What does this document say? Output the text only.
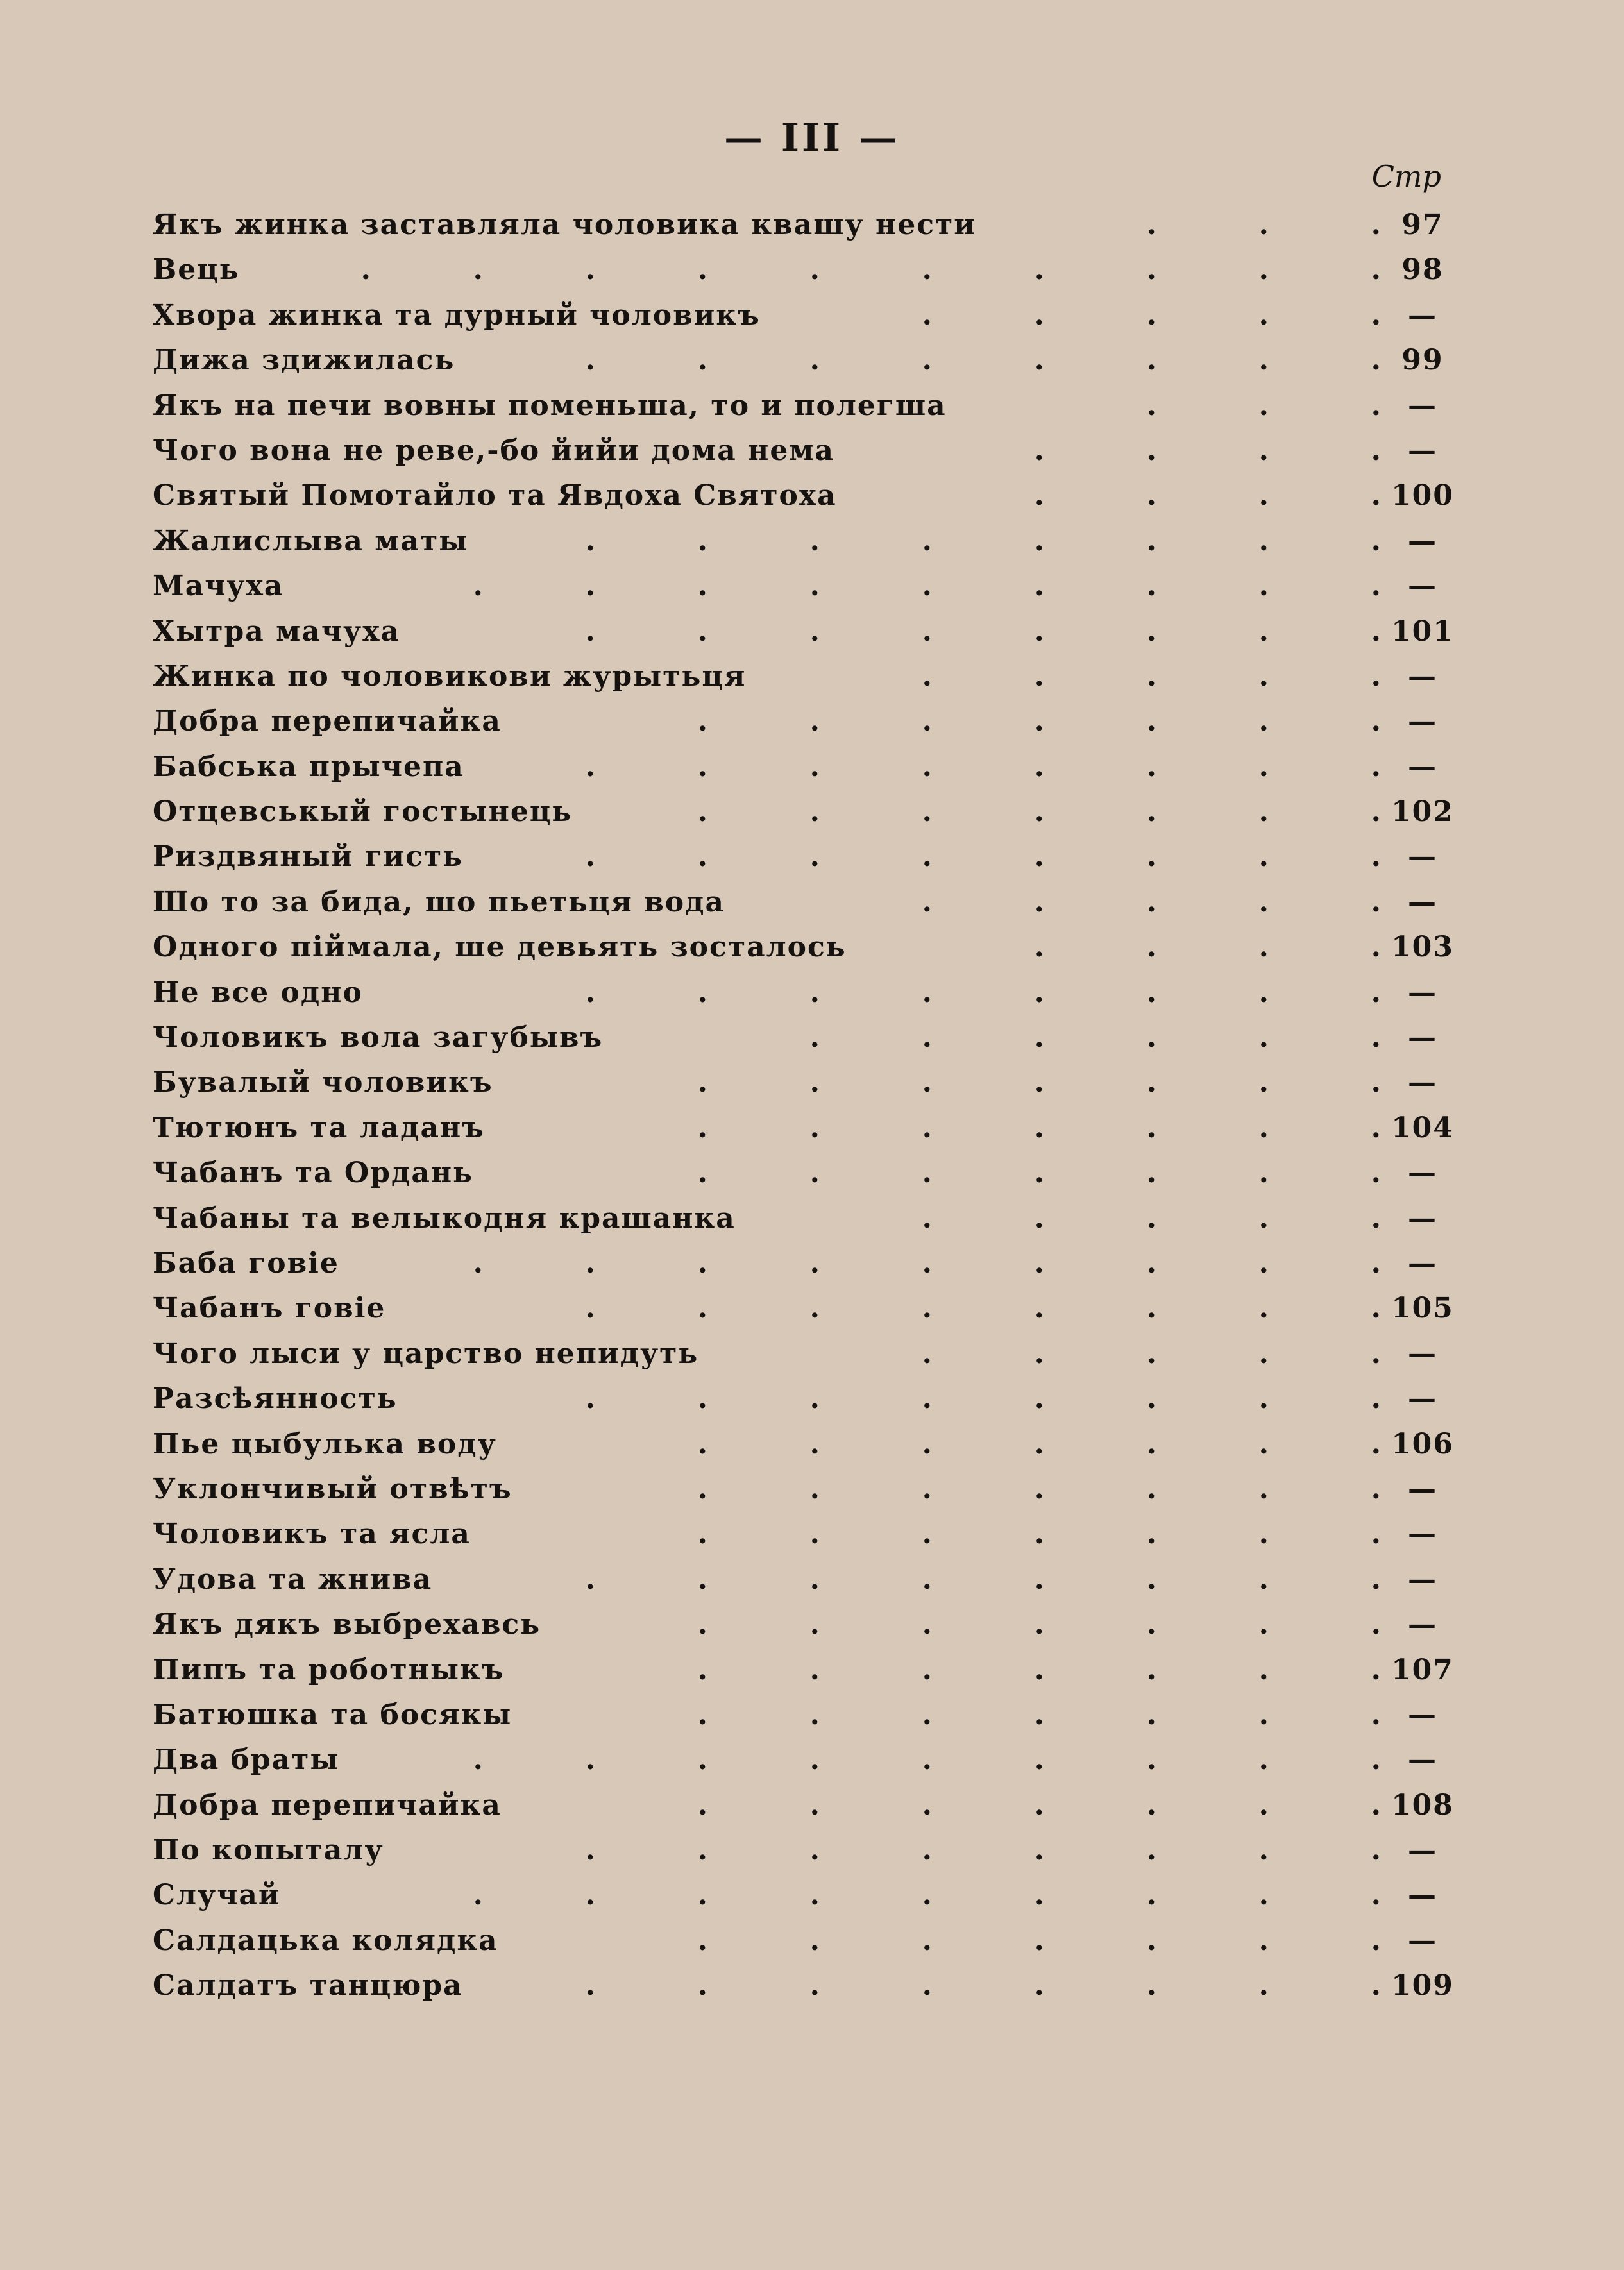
— III —
Стр
Якъ жинка заставляла чоловика квашу нести	.	.	. 97
Вець	.	.	.	.	.	.	.	.	.	. 98
Хвора жинка та дурный чоловикъ	.	.	.	.	. —
Дижа здижилась	.	.	.	.	.	.	.	. 99
Якъ на печи вовны поменьша, то и полегша	.	.	. —
Чого вона не реве,-бо йийи дома нема	.	.	.	. —
Святый Помотайло та Явдоха Святоха	.	.	.	. 100
Жалислыва маты	.	.	.	.	.	.	.	. —
Мачуха	.	.	.	.	.	.	.	.	. —
Хытра мачуха	.	.	.	.	.	.	.	. 101
Жинка по чоловикови журытьця	.	.	.	.	. —
Добра перепичайка	.	.	.	.	.	.	. —
Бабська прычепа	.	.	.	.	.	.	.	. —
Отцевськый гостынець	.	.	.	.	.	.	. 102
Риздвяный гисть	.	.	.	.	.	.	.	. —
Шо то за бида, шо пьетьця вода	.	.	.	.	. —
Одного піймала, ше девьять зосталось	.	.	.	. 103
Не все одно	.	.	.	.	.	.	.	. —
Чоловикъ вола загубывъ	.	.	.	.	.	. —
Бувалый чоловикъ	.	.	.	.	.	.	. —
Тютюнъ та ладанъ	.	.	.	.	.	.	. 104
Чабанъ та Ордань	.	.	.	.	.	.	. —
Чабаны та велыкодня крашанка	.	.	.	.	. —
Баба говіе	.	.	.	.	.	.	.	.	. —
Чабанъ говіе	.	.	.	.	.	.	.	. 105
Чого лыси у царство непидуть	.	.	.	.	. —
Разсѣянность	.	.	.	.	.	.	.	. —
Пье цыбулька воду	.	.	.	.	.	.	. 106
Уклончивый отвѣтъ	.	.	.	.	.	.	. —
Чоловикъ та ясла	.	.	.	.	.	.	. —
Удова та жнива	.	.	.	.	.	.	.	. —
Якъ дякъ выбрехавсь	.	.	.	.	.	.	. —
Пипъ та роботныкъ	.	.	.	.	.	.	. 107
Батюшка та босякы	.	.	.	.	.	.	. —
Два браты	.	.	.	.	.	.	.	.	. —
Добра перепичайка	.	.	.	.	.	.	. 108
По копыталу	.	.	.	.	.	.	.	. —
Случай	.	.	.	.	.	.	.	.	. —
Салдацька колядка	.	.	.	.	.	.	. —
Салдатъ танцюра	.	.	.	.	.	.	.	. 109
